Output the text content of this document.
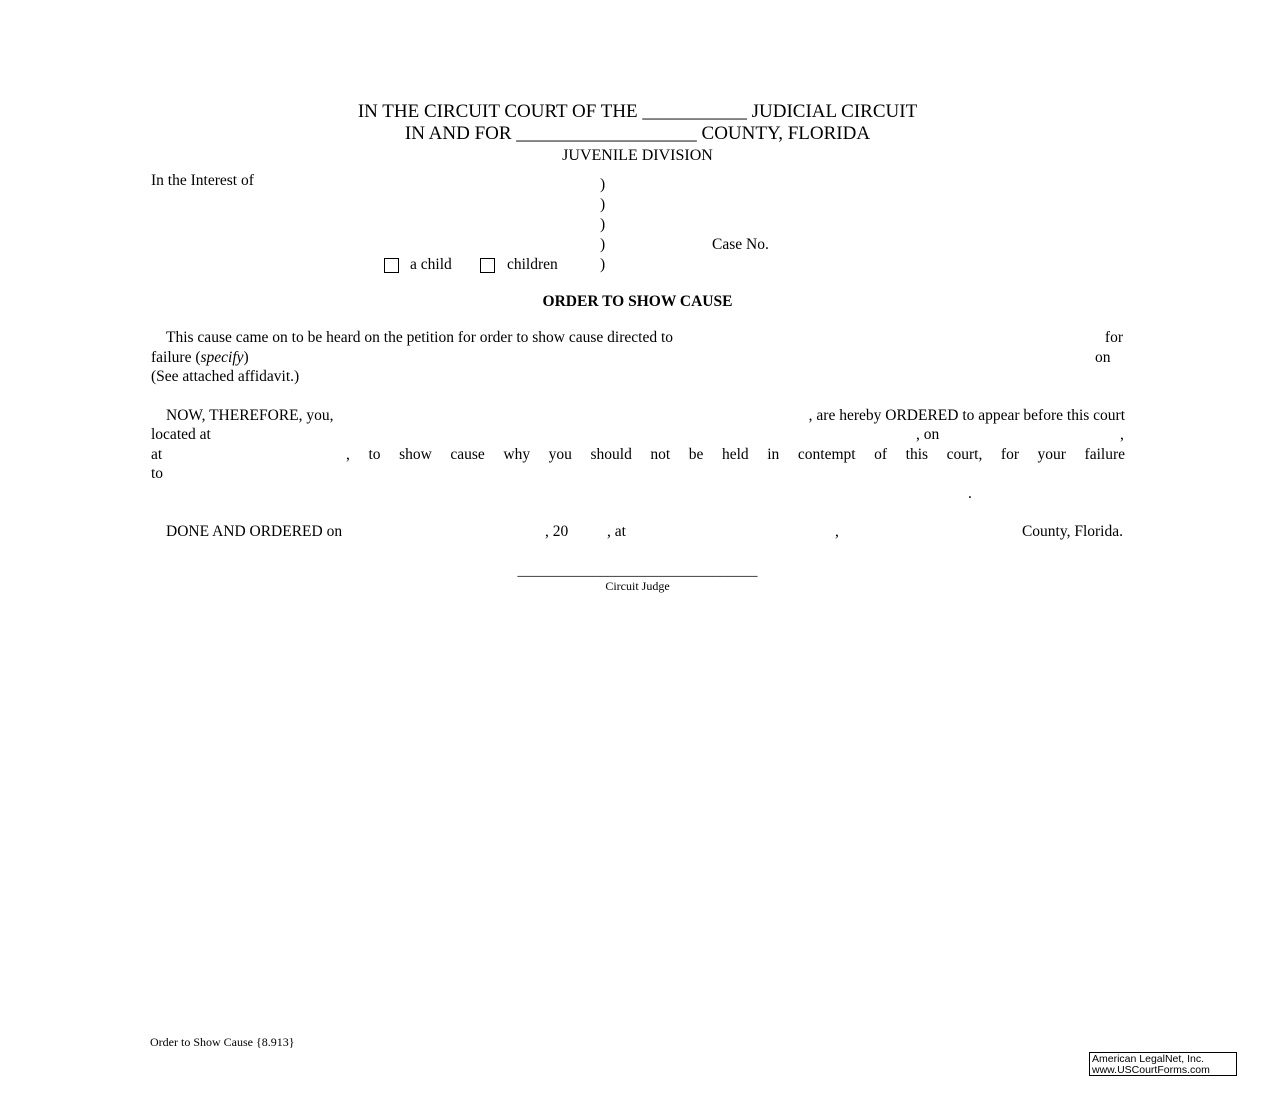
IN THE CIRCUIT COURT OF THE ___________ JUDICIAL CIRCUIT
IN AND FOR ___________________ COUNTY, FLORIDA
JUVENILE DIVISION
In the Interest of	)
)
)
)
)
Case No.
a child	children
ORDER TO SHOW CAUSE
This cause came on to be heard on the petition for order to show cause directed to	for
failure (specify)	on
(See attached affidavit.)
NOW, THEREFORE, you,	, are hereby ORDERED to appear before this court
located at	, on	,
at	, to show cause why you should not be held in contempt of this court, for your failure
to
.
DONE AND ORDERED on	, 20	, at	,	County, Florida.
________________________________
Circuit Judge
Order to Show Cause {8.913}
American LegalNet, Inc.
www.USCourtForms.com
